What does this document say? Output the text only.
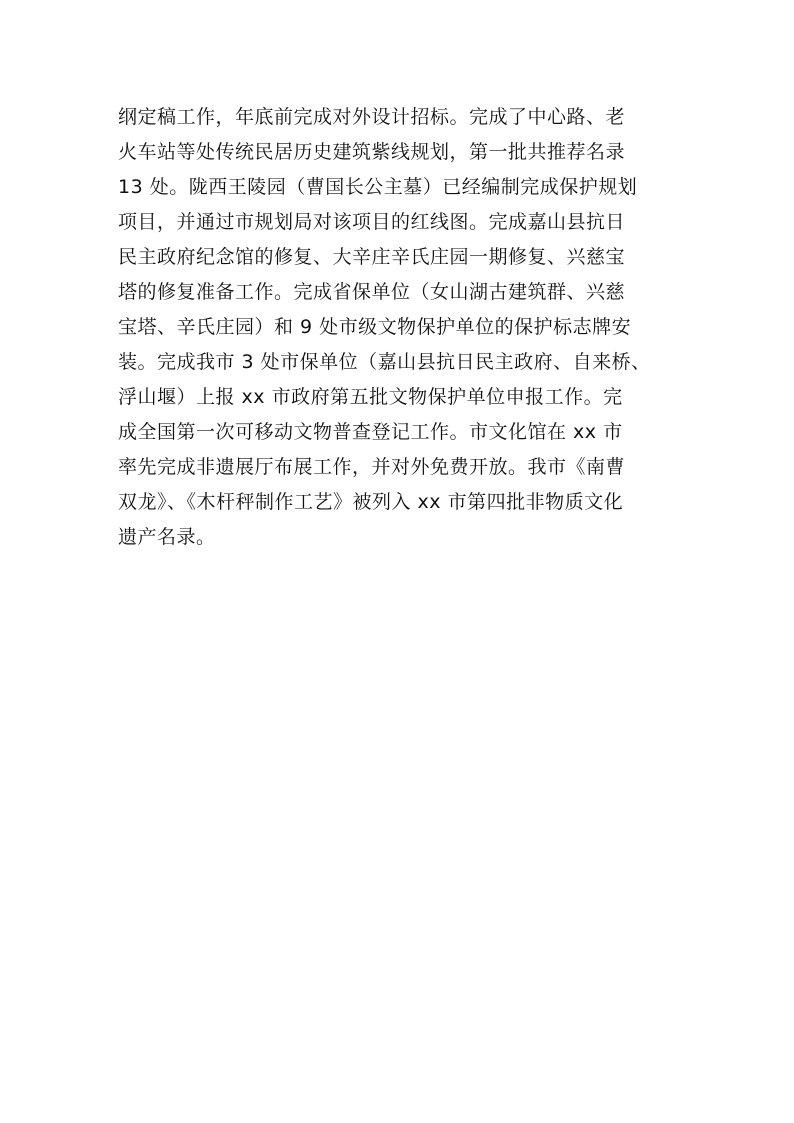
纲定稿工作，年底前完成对外设计招标。完成了中心路、老
火车站等处传统民居历史建筑紫线规划，第一批共推荐名录
13 处。陇西王陵园（曹国长公主墓）已经编制完成保护规划
项目，并通过市规划局对该项目的红线图。完成嘉山县抗日
民主政府纪念馆的修复、大辛庄辛氏庄园一期修复、兴慈宝
塔的修复准备工作。完成省保单位（女山湖古建筑群、兴慈
宝塔、辛氏庄园）和 9 处市级文物保护单位的保护标志牌安
装。完成我市 3 处市保单位（嘉山县抗日民主政府、自来桥、
浮山堰）上报 xx 市政府第五批文物保护单位申报工作。完
成全国第一次可移动文物普查登记工作。市文化馆在 xx 市
率先完成非遗展厅布展工作，并对外免费开放。我市《南曹
双龙》、《木杆秤制作工艺》被列入 xx 市第四批非物质文化
遗产名录。
